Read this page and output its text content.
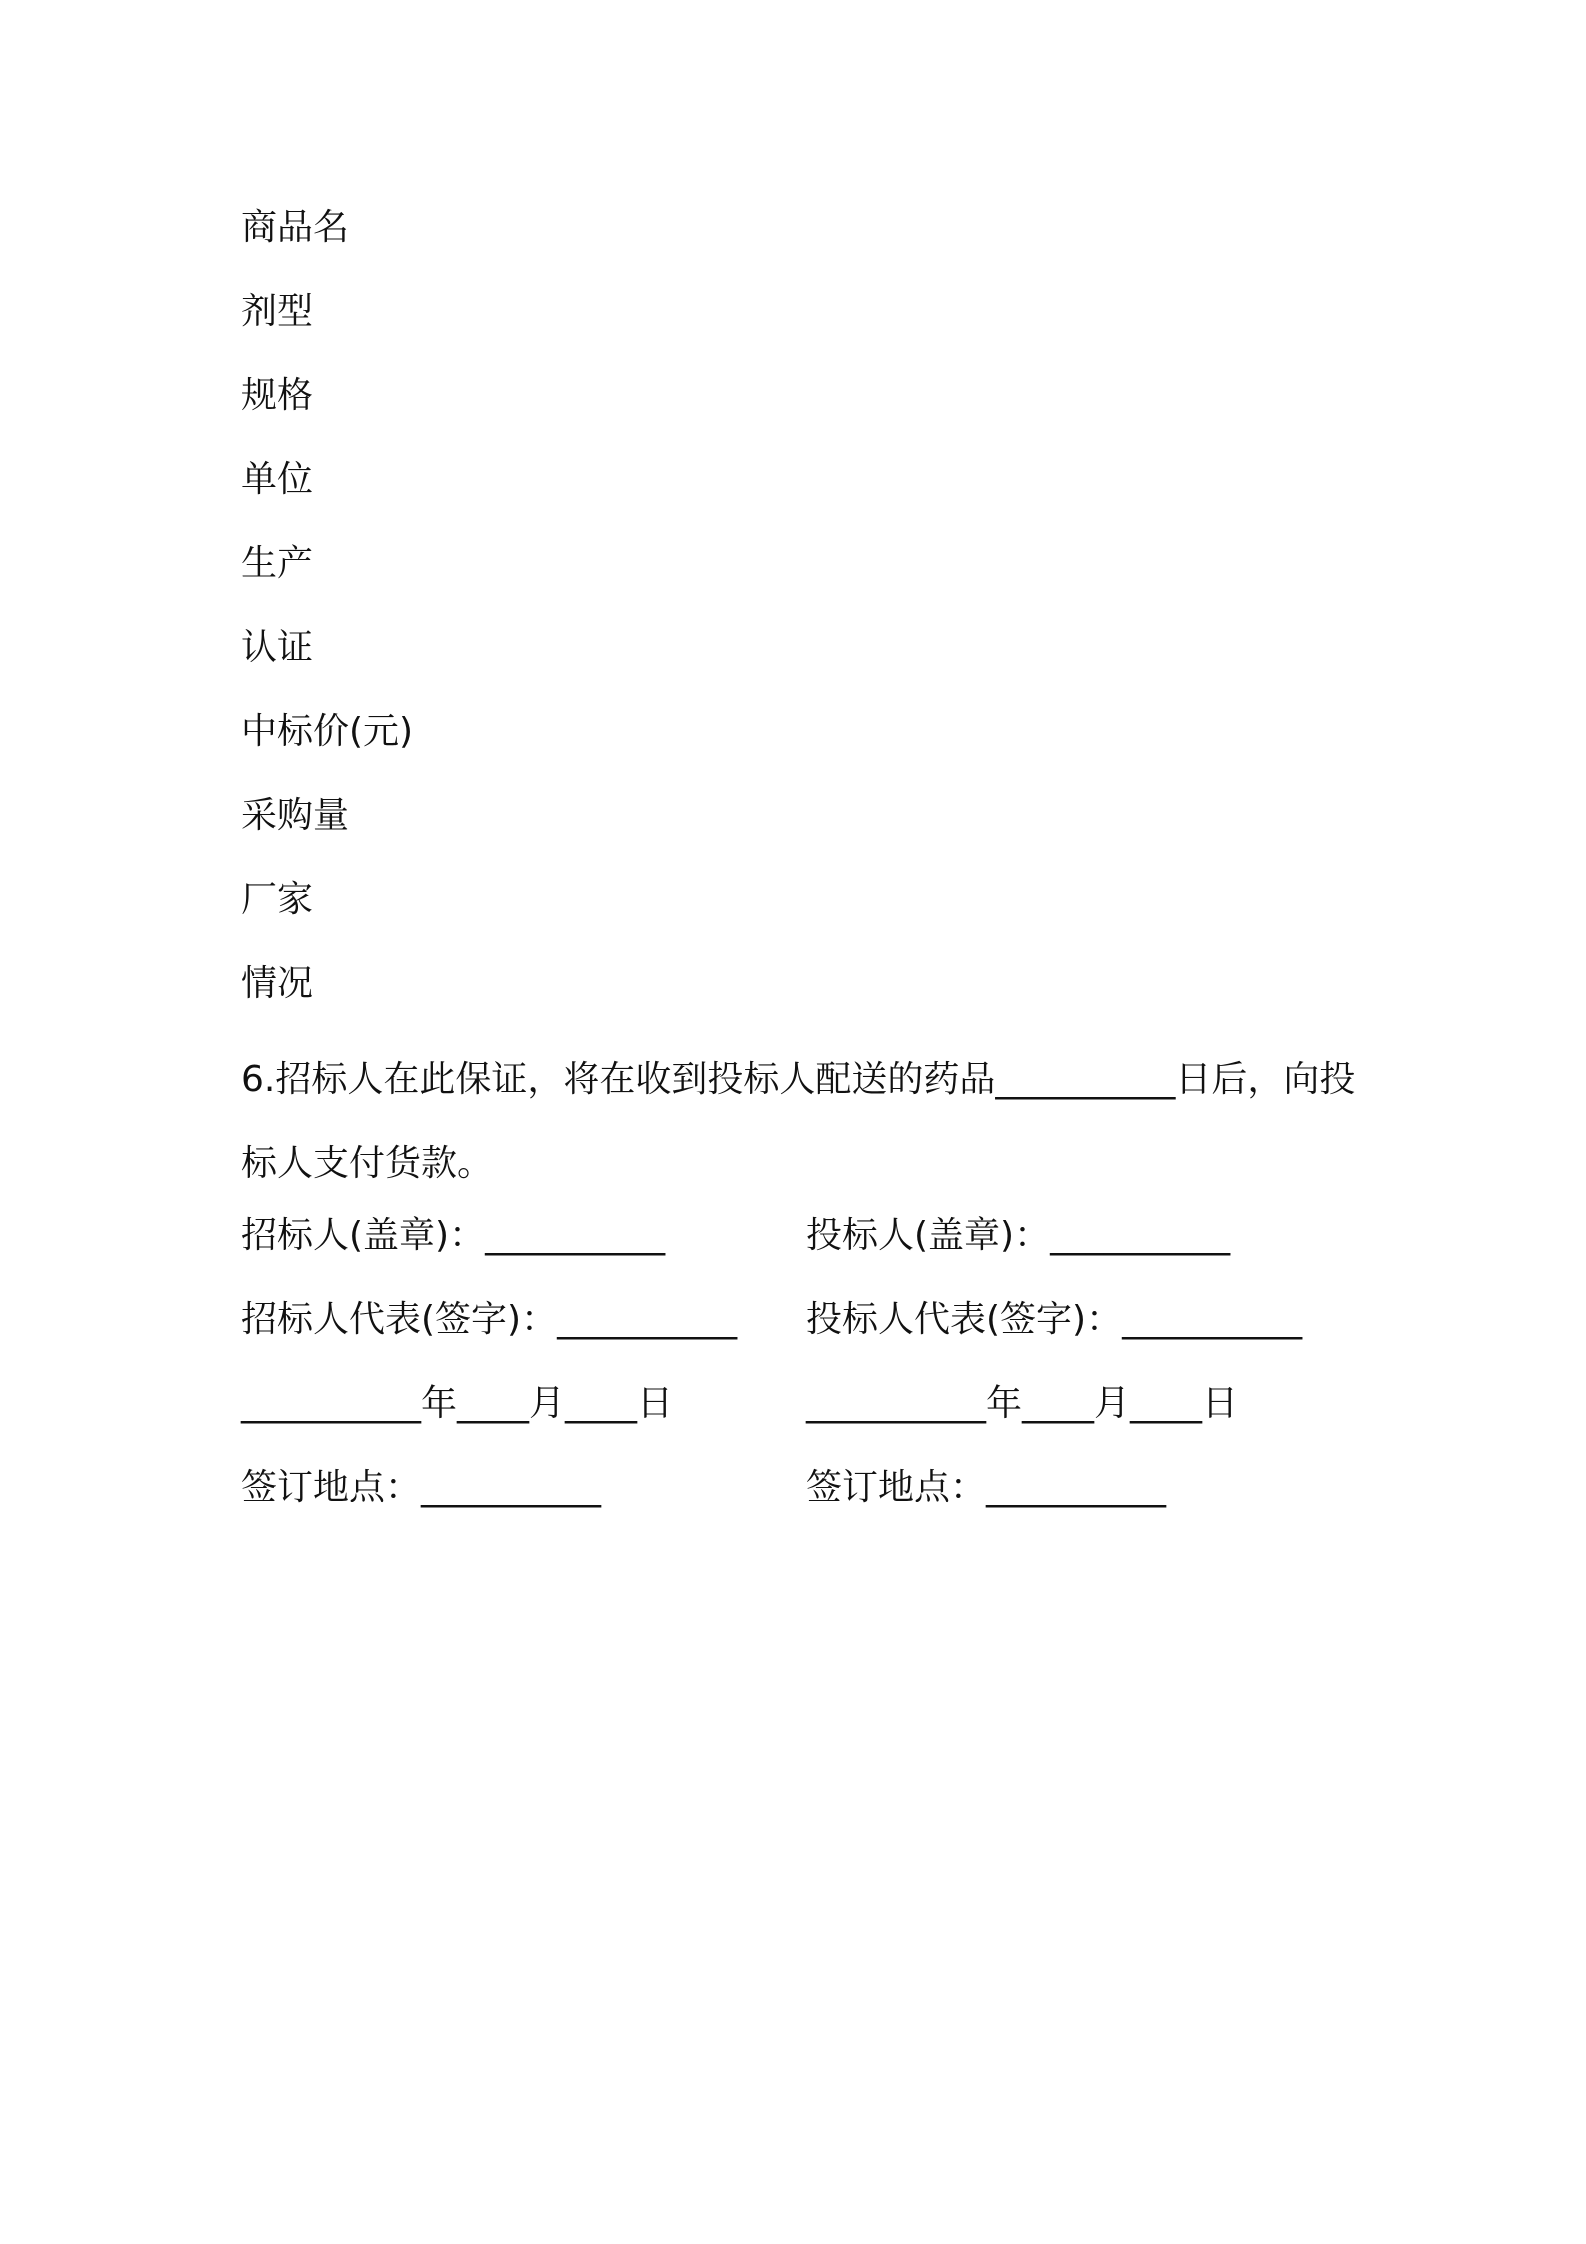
商品名
剂型
规格
单位
生产
认证
中标价(元)
采购量
厂家
情况
6.招标人在此保证，将在收到投标人配送的药品__________日后，向投标人支付货款。
招标人(盖章)：__________	投标人(盖章)：__________
招标人代表(签字)：__________ 投标人代表(签字)：__________
__________年____月____日	__________年____月____日
签订地点：__________	签订地点：__________
